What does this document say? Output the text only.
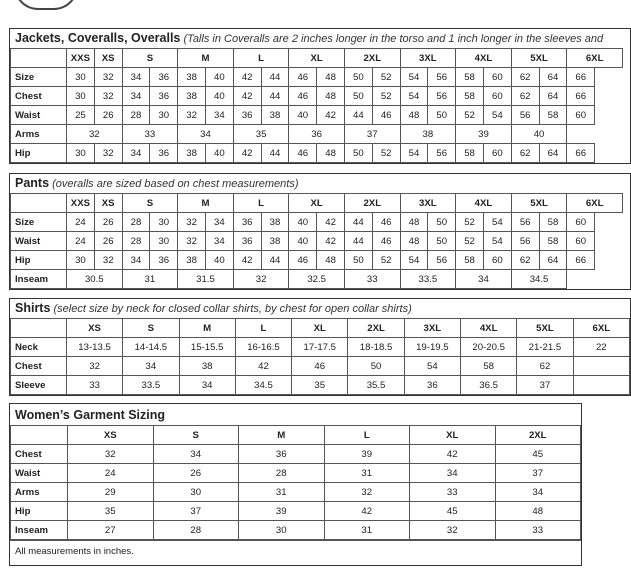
Jackets, Coveralls, Overalls (Talls in Coveralls are 2 inches longer in the torso and 1 inch longer in the sleeves and
	XXS	XS	S		M		L		XL		2XL		3XL		4XL		5XL		6XL
Size	30	32	34	36	38	40	42	44	46	48	50	52	54	56	58	60	62	64	66
Chest	30	32	34	36	38	40	42	44	46	48	50	52	54	56	58	60	62	64	66
Waist	25	26	28	30	32	34	36	38	40	42	44	46	48	50	52	54	56	58	60
Arms	32		33		34		35		36		37		38		39		40		
Hip	30	32	34	36	38	40	42	44	46	48	50	52	54	56	58	60	62	64	66
Pants (overalls are sized based on chest measurements)
	XXS	XS	S		M		L		XL		2XL		3XL		4XL		5XL		6XL
Size	24	26	28	30	32	34	36	38	40	42	44	46	48	50	52	54	56	58	60
Waist	24	26	28	30	32	34	36	38	40	42	44	46	48	50	52	54	56	58	60
Hip	30	32	34	36	38	40	42	44	46	48	50	52	54	56	58	60	62	64	66
Inseam	30.5		31		31.5		32		32.5		33		33.5		34		34.5		
Shirts (select size by neck for closed collar shirts, by chest for open collar shirts)
	XS	S	M	L	XL	2XL	3XL	4XL	5XL	6XL
Neck	13-13.5	14-14.5	15-15.5	16-16.5	17-17.5	18-18.5	19-19.5	20-20.5	21-21.5	22
Chest	32	34	38	42	46	50	54	58	62	
Sleeve	33	33.5	34	34.5	35	35.5	36	36.5	37	
Women’s Garment Sizing
	XS	S	M	L	XL	2XL
Chest	32	34	36	39	42	45
Waist	24	26	28	31	34	37
Arms	29	30	31	32	33	34
Hip	35	37	39	42	45	48
Inseam	27	28	30	31	32	33
All measurements in inches.
